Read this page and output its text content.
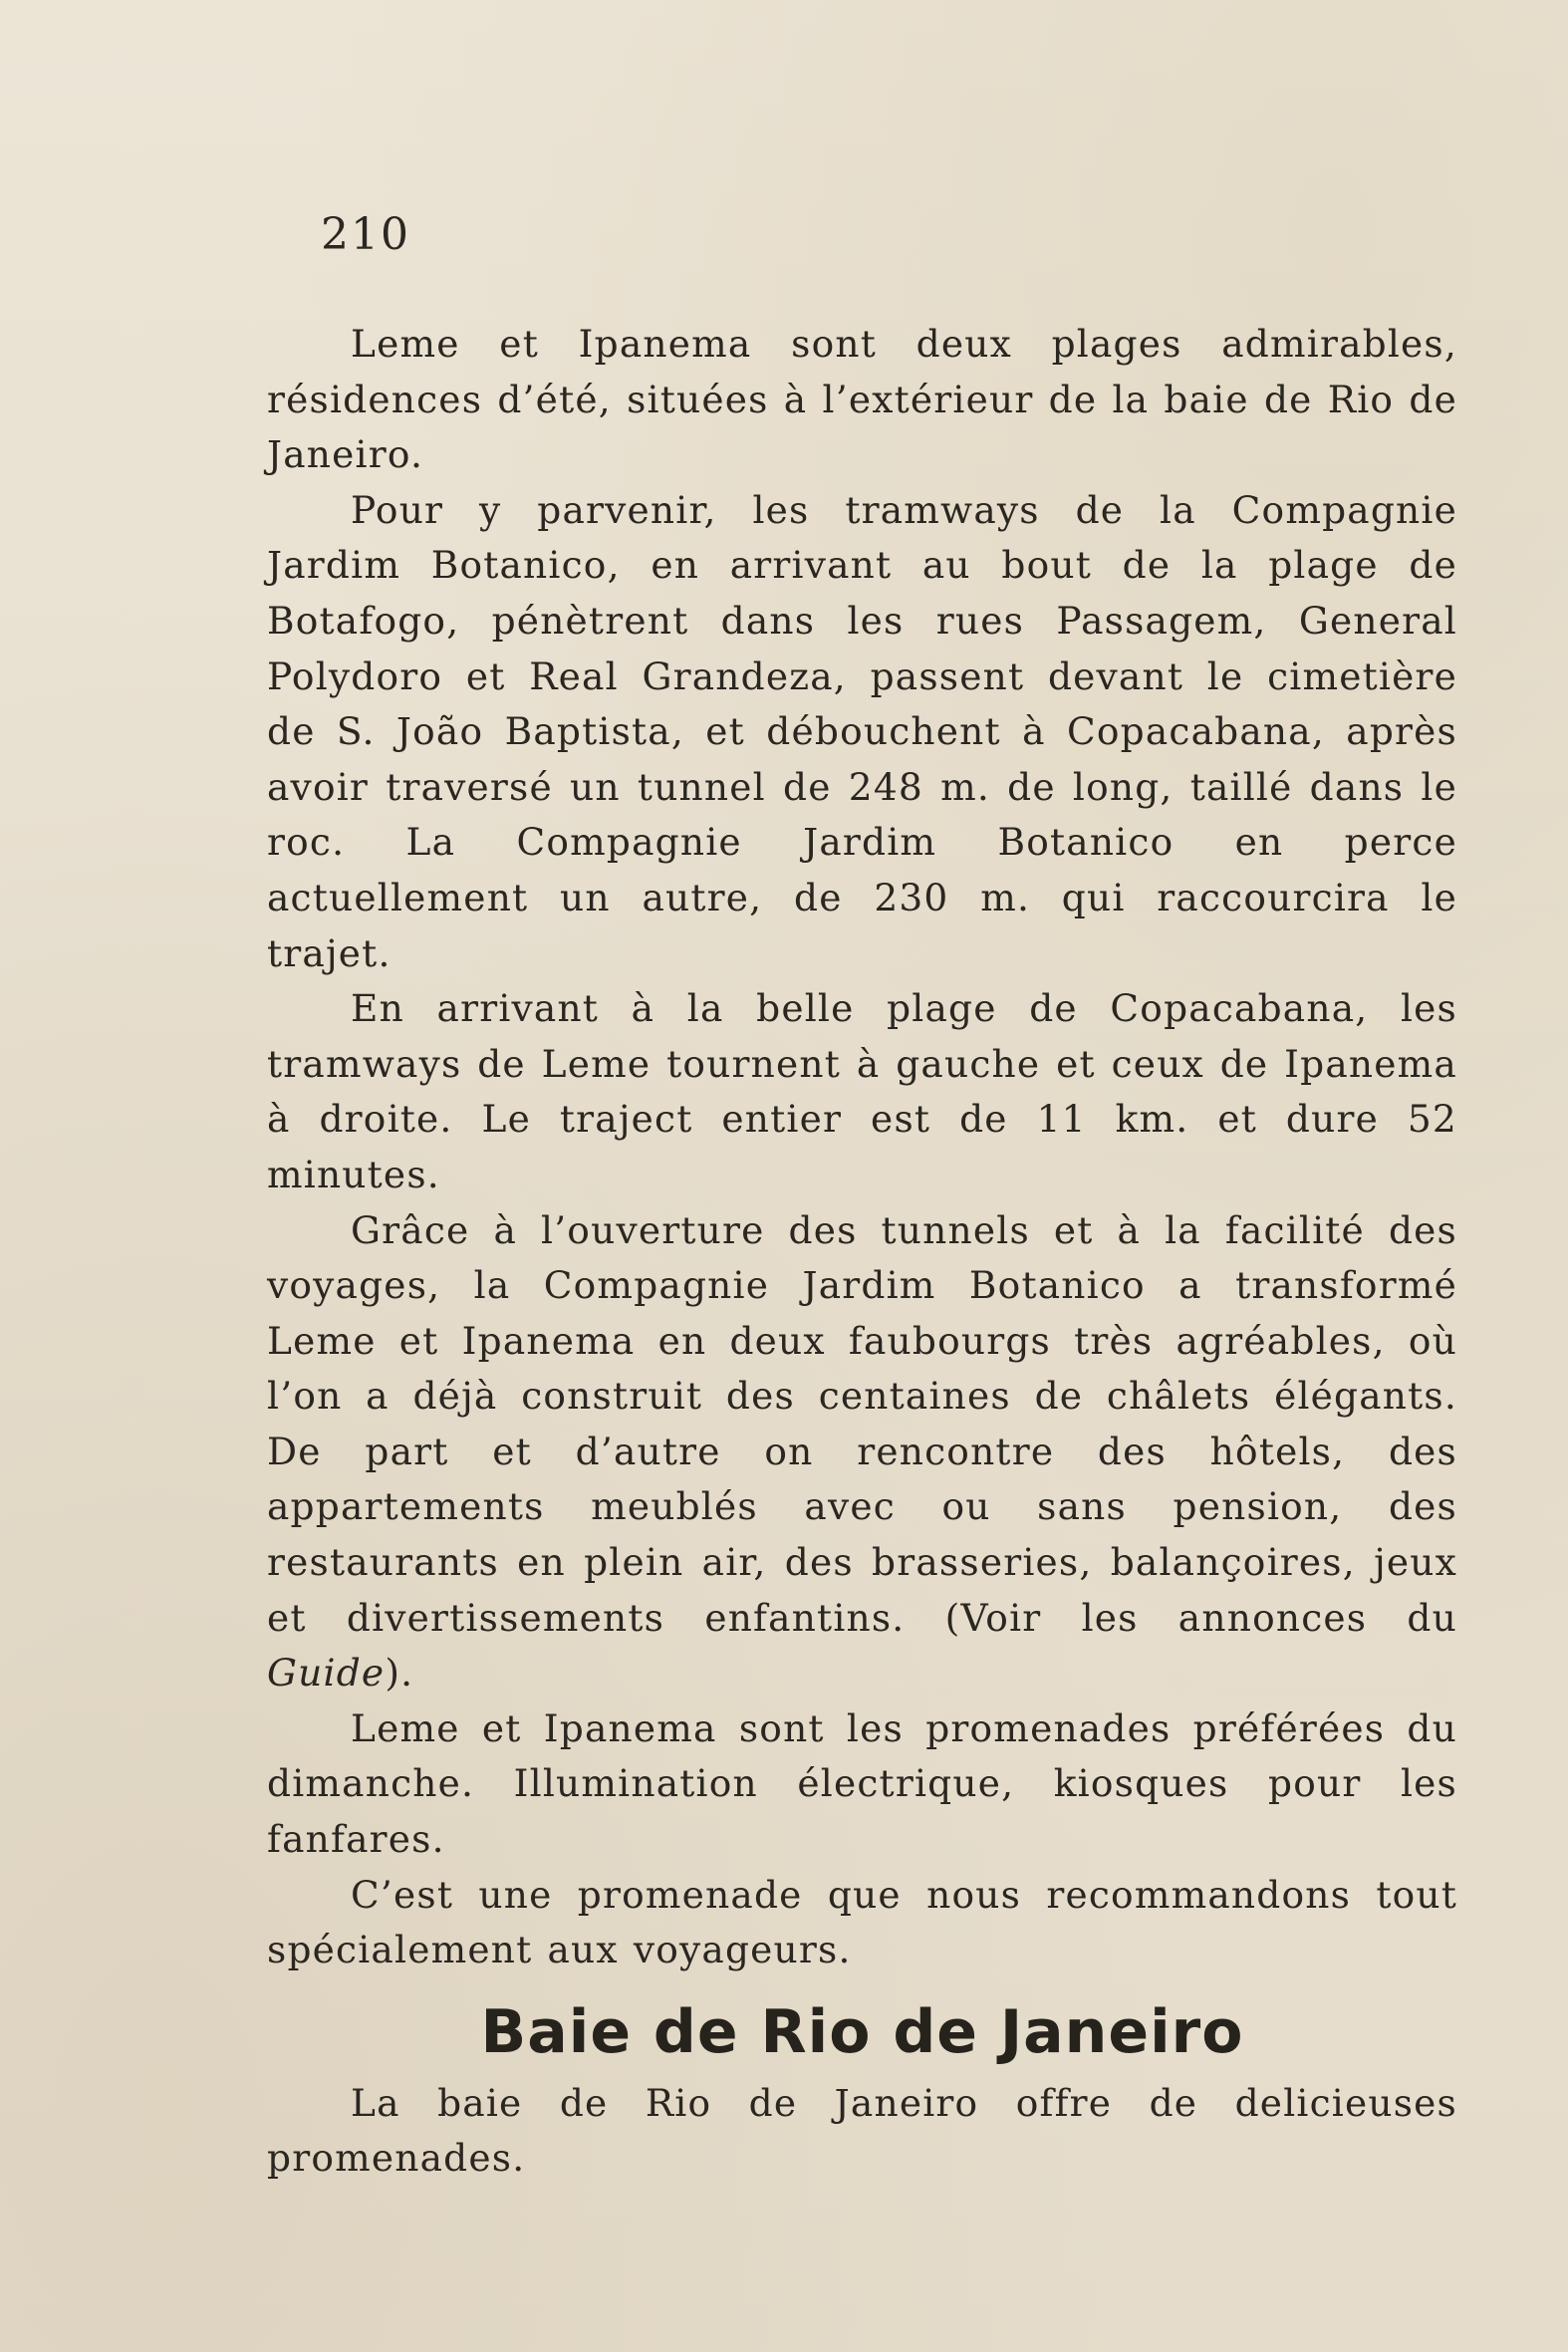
210

Leme et Ipanema sont deux plages admirables, résidences d’été, situées à l’extérieur de la baie de Rio de Janeiro.

Pour y parvenir, les tramways de la Compagnie Jardim Botanico, en arrivant au bout de la plage de Botafogo, pénètrent dans les rues Passagem, General Polydoro et Real Grandeza, passent devant le cimetière de S. João Baptista, et débouchent à Copacabana, après avoir traversé un tunnel de 248 m. de long, taillé dans le roc. La Compagnie Jardim Botanico en perce actuellement un autre, de 230 m. qui raccourcira le trajet.

En arrivant à la belle plage de Copacabana, les tramways de Leme tournent à gauche et ceux de Ipanema à droite. Le traject entier est de 11 km. et dure 52 minutes.

Grâce à l’ouverture des tunnels et à la facilité des voyages, la Compagnie Jardim Botanico a transformé Leme et Ipanema en deux faubourgs très agréables, où l’on a déjà construit des centaines de châlets élégants. De part et d’autre on rencontre des hôtels, des appartements meublés avec ou sans pension, des restaurants en plein air, des brasseries, balançoires, jeux et divertissements enfantins. (Voir les annonces du Guide).

Leme et Ipanema sont les promenades préférées du dimanche. Illumination électrique, kiosques pour les fanfares.

C’est une promenade que nous recommandons tout spécialement aux voyageurs.

Baie de Rio de Janeiro

La baie de Rio de Janeiro offre de delicieuses promenades.
